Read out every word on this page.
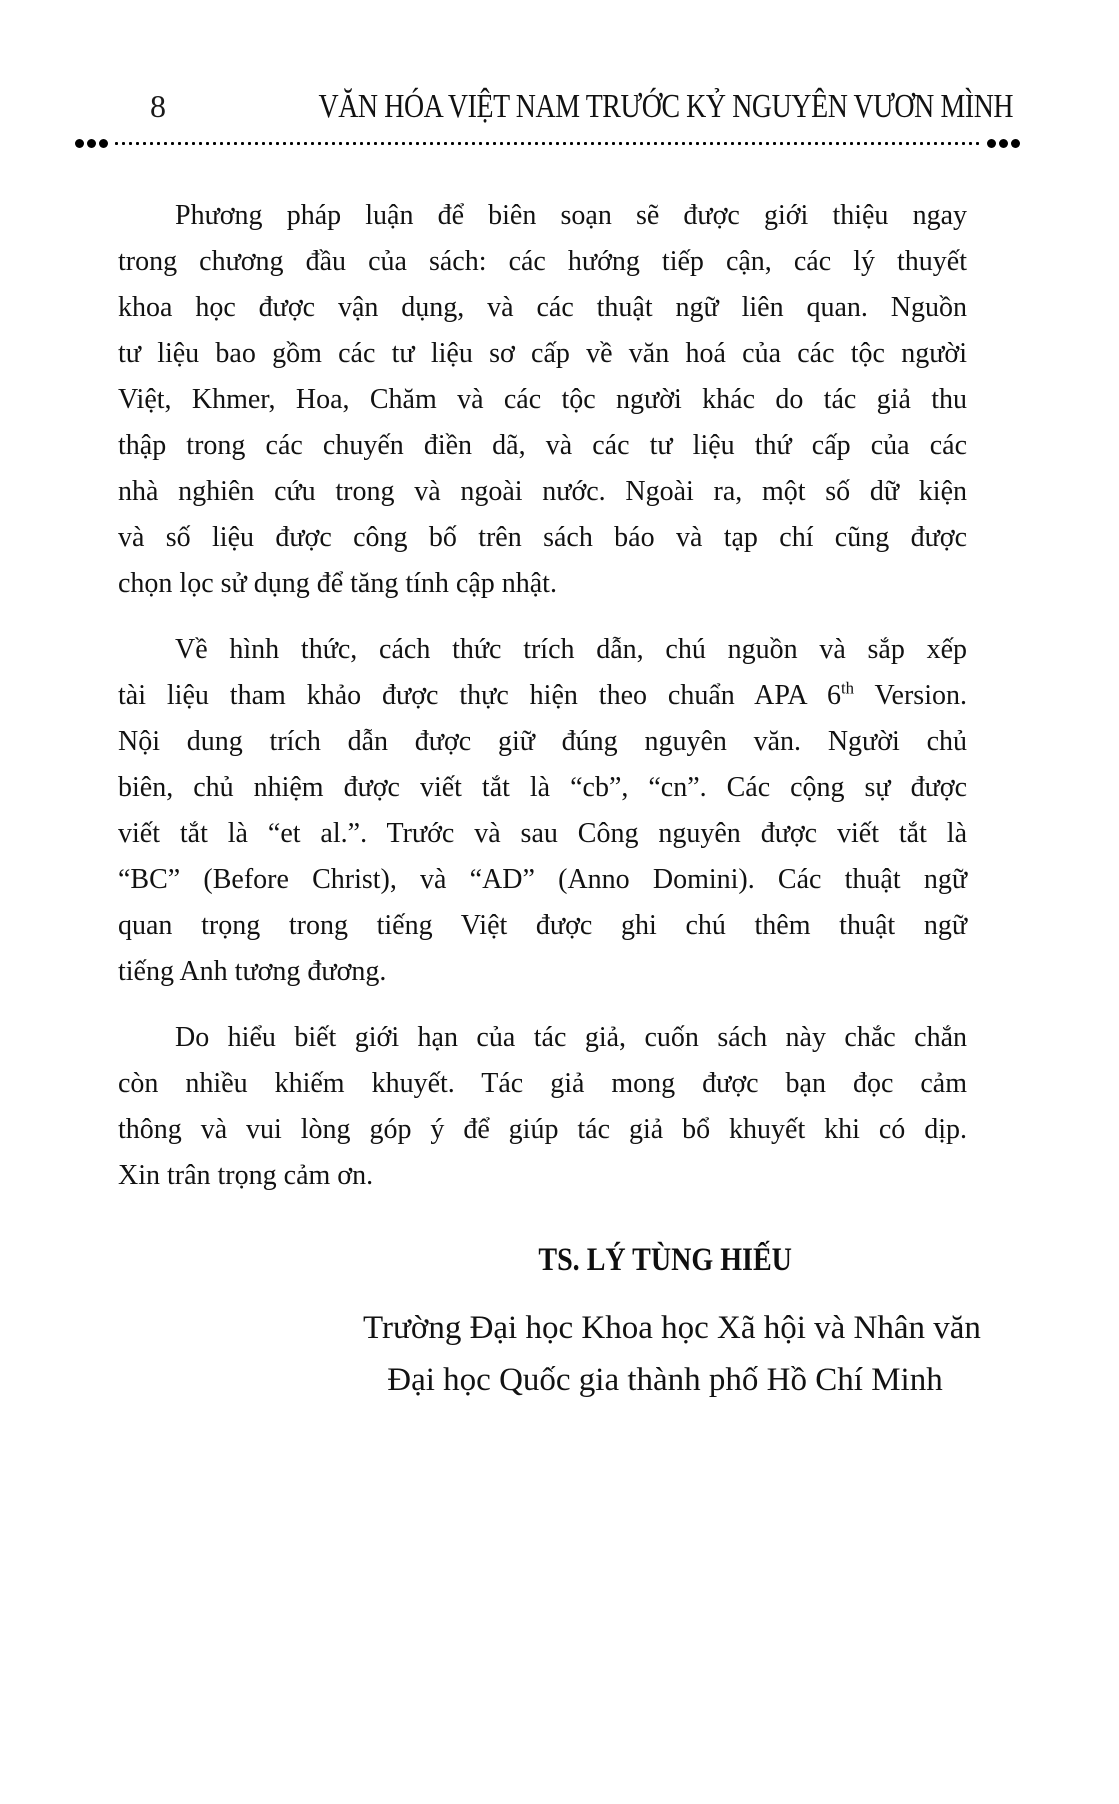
8	VĂN HÓA VIỆT NAM TRƯỚC KỶ NGUYÊN VƯƠN MÌNH
Phương pháp luận để biên soạn sẽ được giới thiệu ngay
trong chương đầu của sách: các hướng tiếp cận, các lý thuyết
khoa học được vận dụng, và các thuật ngữ liên quan. Nguồn
tư liệu bao gồm các tư liệu sơ cấp về văn hoá của các tộc người
Việt, Khmer, Hoa, Chăm và các tộc người khác do tác giả thu
thập trong các chuyến điền dã, và các tư liệu thứ cấp của các
nhà nghiên cứu trong và ngoài nước. Ngoài ra, một số dữ kiện
và số liệu được công bố trên sách báo và tạp chí cũng được
chọn lọc sử dụng để tăng tính cập nhật.
Về hình thức, cách thức trích dẫn, chú nguồn và sắp xếp
tài liệu tham khảo được thực hiện theo chuẩn APA 6th Version.
Nội dung trích dẫn được giữ đúng nguyên văn. Người chủ
biên, chủ nhiệm được viết tắt là “cb”, “cn”. Các cộng sự được
viết tắt là “et al.”. Trước và sau Công nguyên được viết tắt là
“BC” (Before Christ), và “AD” (Anno Domini). Các thuật ngữ
quan trọng trong tiếng Việt được ghi chú thêm thuật ngữ
tiếng Anh tương đương.
Do hiểu biết giới hạn của tác giả, cuốn sách này chắc chắn
còn nhiều khiếm khuyết. Tác giả mong được bạn đọc cảm
thông và vui lòng góp ý để giúp tác giả bổ khuyết khi có dịp.
Xin trân trọng cảm ơn.
TS. LÝ TÙNG HIẾU
Trường Đại học Khoa học Xã hội và Nhân văn
Đại học Quốc gia thành phố Hồ Chí Minh
